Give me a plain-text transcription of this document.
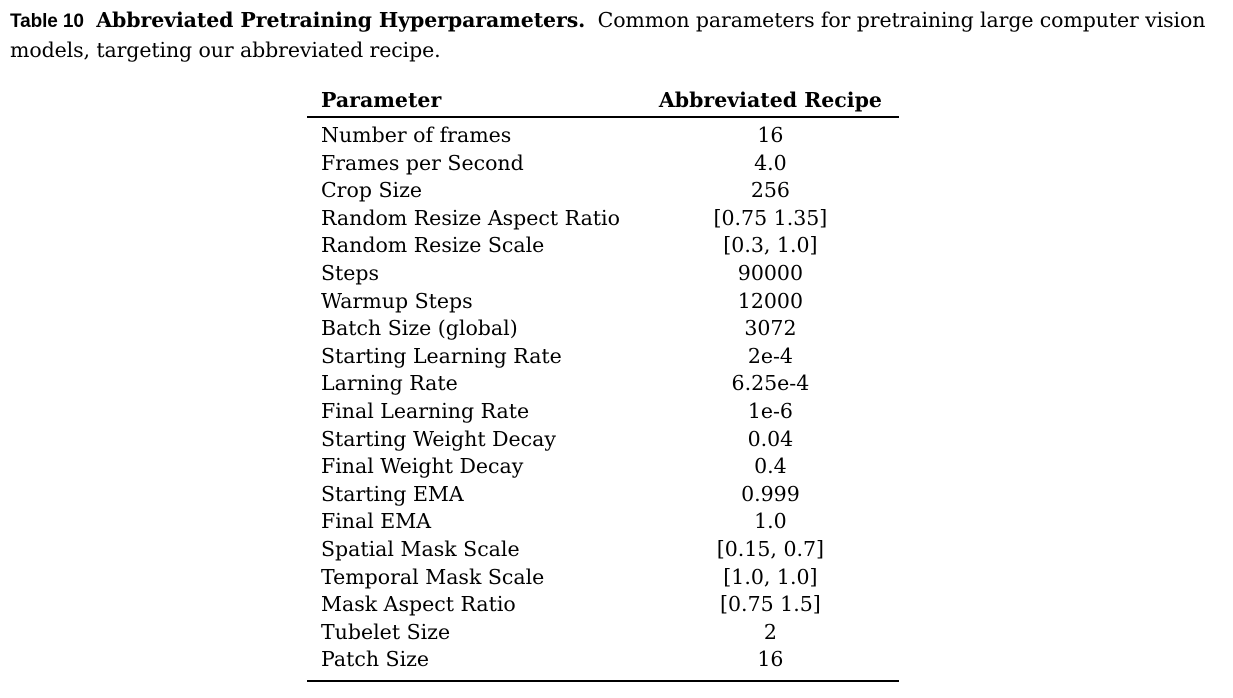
Table 10 Abbreviated Pretraining Hyperparameters. Common parameters for pretraining large computer vision models, targeting our abbreviated recipe.
Parameter	Abbreviated Recipe
Number of frames	16
Frames per Second	4.0
Crop Size	256
Random Resize Aspect Ratio	[0.75 1.35]
Random Resize Scale	[0.3, 1.0]
Steps	90000
Warmup Steps	12000
Batch Size (global)	3072
Starting Learning Rate	2e-4
Larning Rate	6.25e-4
Final Learning Rate	1e-6
Starting Weight Decay	0.04
Final Weight Decay	0.4
Starting EMA	0.999
Final EMA	1.0
Spatial Mask Scale	[0.15, 0.7]
Temporal Mask Scale	[1.0, 1.0]
Mask Aspect Ratio	[0.75 1.5]
Tubelet Size	2
Patch Size	16
